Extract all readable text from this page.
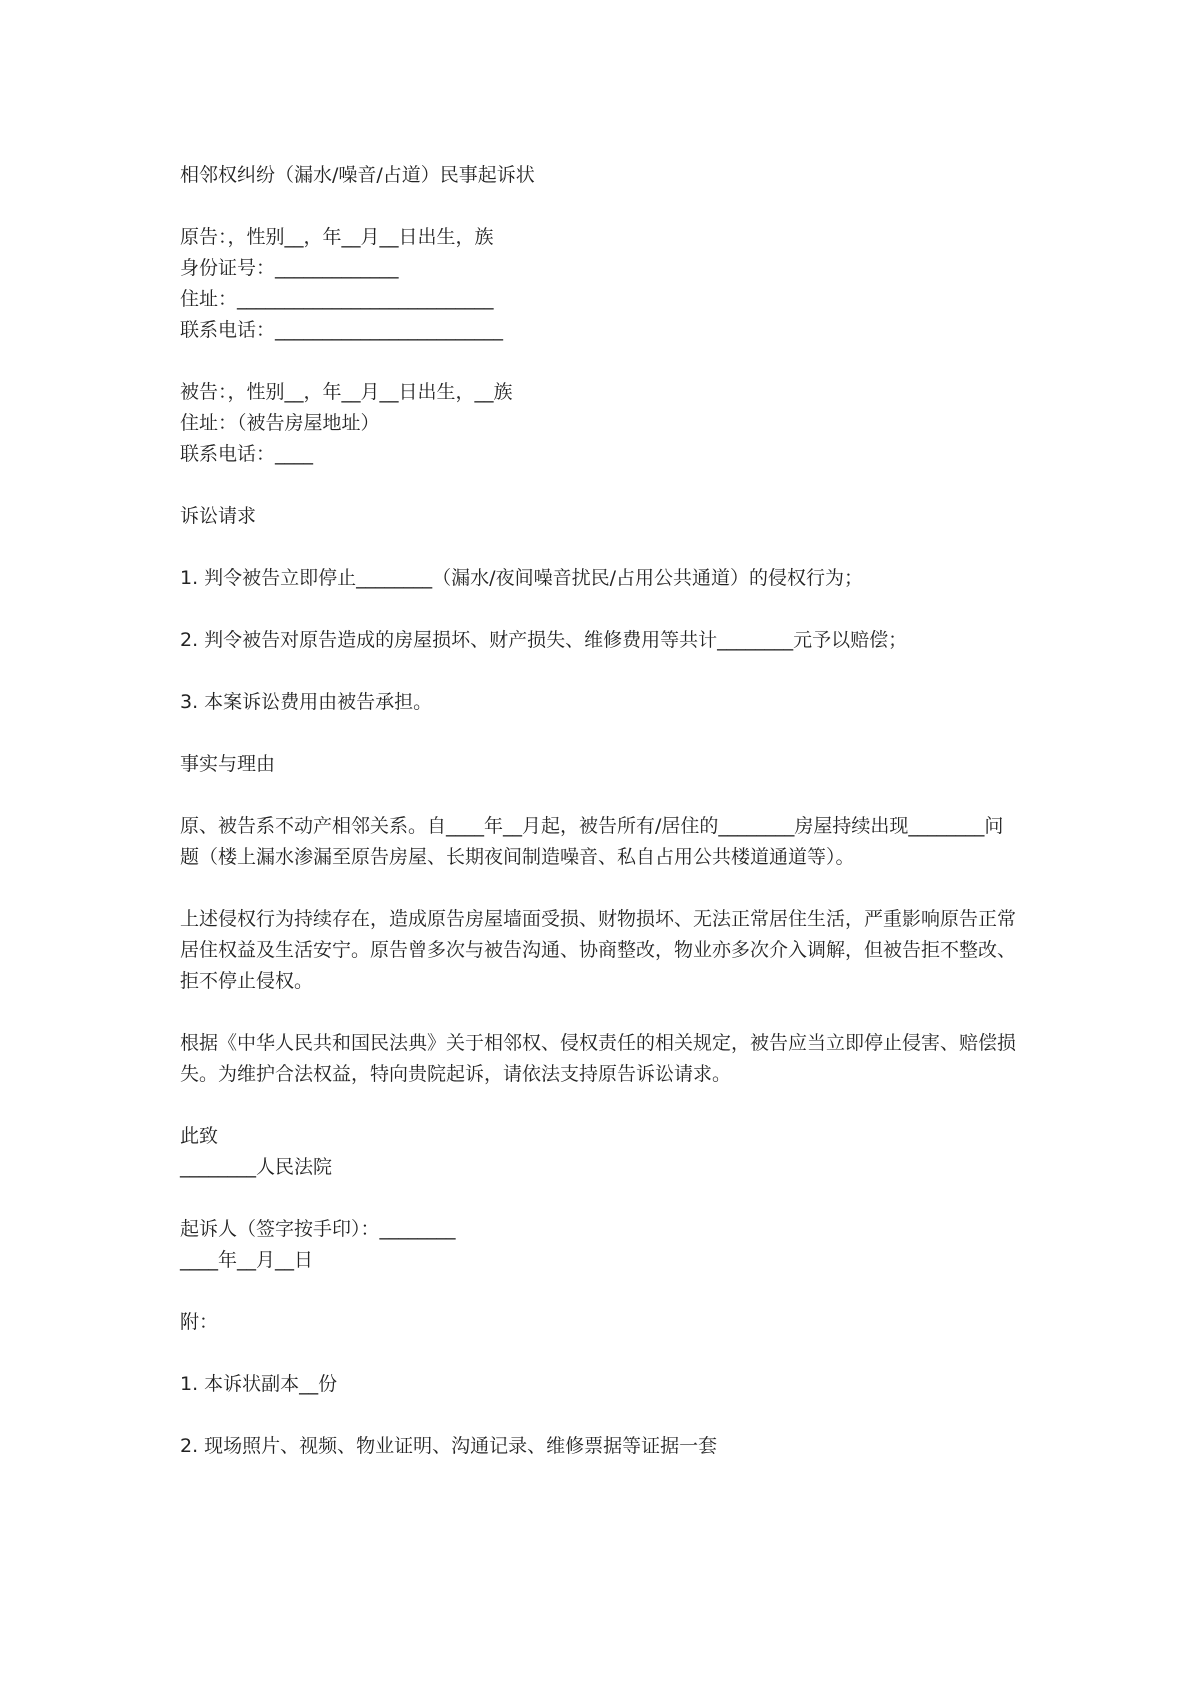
相邻权纠纷（漏水/噪音/占道）民事起诉状

原告：，性别__，年__月__日出生，族

身份证号：_____________

住址：___________________________

联系电话：________________________

被告：，性别__，年__月__日出生，__族

住址：（被告房屋地址）

联系电话：____

诉讼请求

1. 判令被告立即停止________（漏水/夜间噪音扰民/占用公共通道）的侵权行为；

2. 判令被告对原告造成的房屋损坏、财产损失、维修费用等共计________元予以赔偿；

3. 本案诉讼费用由被告承担。

事实与理由

原、被告系不动产相邻关系。自____年__月起，被告所有/居住的________房屋持续出现________问题（楼上漏水渗漏至原告房屋、长期夜间制造噪音、私自占用公共楼道通道等）。

上述侵权行为持续存在，造成原告房屋墙面受损、财物损坏、无法正常居住生活，严重影响原告正常居住权益及生活安宁。原告曾多次与被告沟通、协商整改，物业亦多次介入调解，但被告拒不整改、拒不停止侵权。

根据《中华人民共和国民法典》关于相邻权、侵权责任的相关规定，被告应当立即停止侵害、赔偿损失。为维护合法权益，特向贵院起诉，请依法支持原告诉讼请求。

此致

________人民法院

起诉人（签字按手印）：________

____年__月__日

附：

1. 本诉状副本__份

2. 现场照片、视频、物业证明、沟通记录、维修票据等证据一套
